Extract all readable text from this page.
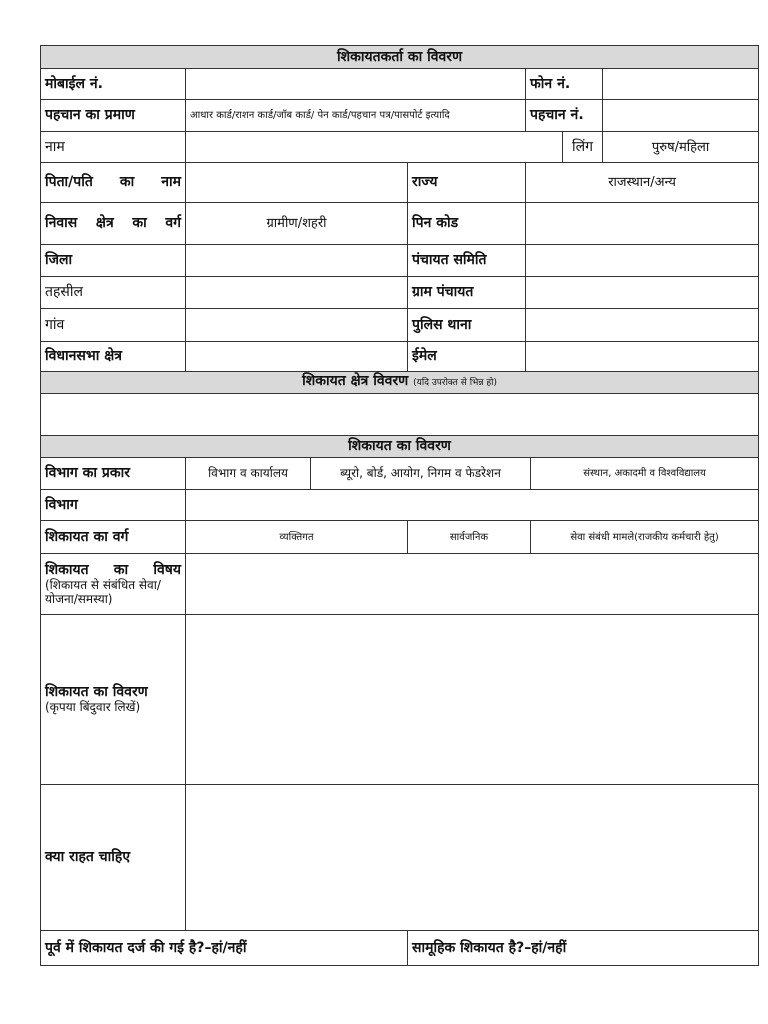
शिकायतकर्ता का विवरण							
मोबाईल नं.				फोन नं.			
पहचान का प्रमाण	आधार कार्ड/राशन कार्ड/जॉब कार्ड/ पेन कार्ड/पहचान पत्र/पासपोर्ट इत्यादि			पहचान नं.			
नाम						लिंग	पुरुष/महिला
पिता/पति का नाम			राज्य	राजस्थान/अन्य			
निवास क्षेत्र का वर्ग	ग्रामीण/शहरी		पिन कोड				
जिला			पंचायत समिति				
तहसील			ग्राम पंचायत				
गांव			पुलिस थाना				
विधानसभा क्षेत्र			ईमेल				
शिकायत क्षेत्र विवरण (यदि उपरोक्त से भिन्न हो)							

शिकायत का विवरण							
विभाग का प्रकार	विभाग व कार्यालय	ब्यूरो, बोर्ड, आयोग, निगम व फेडरेशन			संस्थान, अकादमी व विश्वविद्यालय		
विभाग							
शिकायत का वर्ग	व्यक्तिगत		सार्वजनिक		सेवा संबंधी मामले(राजकीय कर्मचारी हेतु)		

शिकायत का विषय
(शिकायत से संबंधित सेवा/योजना/समस्या)							

शिकायत का विवरण
(कृपया बिंदुवार लिखें)							

क्या राहत चाहिए							
पूर्व में शिकायत दर्ज की गई है?–हां/नहीं			सामूहिक शिकायत है?–हां/नहीं				
